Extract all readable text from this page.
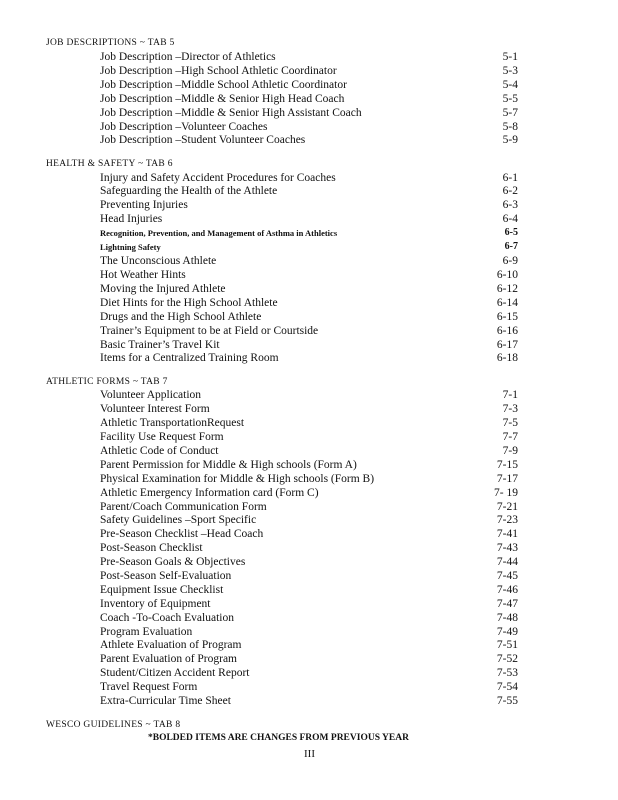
JOB DESCRIPTIONS ~ TAB 5
Job Description –Director of Athletics	5-1
Job Description –High School Athletic Coordinator	5-3
Job Description –Middle School Athletic Coordinator	5-4
Job Description –Middle & Senior High Head Coach	5-5
Job Description –Middle & Senior High Assistant Coach	5-7
Job Description –Volunteer Coaches	5-8
Job Description –Student Volunteer Coaches	5-9
HEALTH & SAFETY ~ TAB 6
Injury and Safety Accident Procedures for Coaches	6-1
Safeguarding the Health of the Athlete	6-2
Preventing Injuries	6-3
Head Injuries	6-4
Recognition, Prevention, and Management of Asthma in Athletics	6-5
Lightning Safety	6-7
The Unconscious Athlete	6-9
Hot Weather Hints	6-10
Moving the Injured Athlete	6-12
Diet Hints for the High School Athlete	6-14
Drugs and the High School Athlete	6-15
Trainer’s Equipment to be at Field or Courtside	6-16
Basic Trainer’s Travel Kit	6-17
Items for a Centralized Training Room	6-18
ATHLETIC FORMS ~ TAB 7
Volunteer Application	7-1
Volunteer Interest Form	7-3
Athletic TransportationRequest	7-5
Facility Use Request Form	7-7
Athletic Code of Conduct	7-9
Parent Permission for Middle & High schools (Form A)	7-15
Physical Examination for Middle & High schools (Form B)	7-17
Athletic Emergency Information card (Form C)	7- 19
Parent/Coach Communication Form	7-21
Safety Guidelines –Sport Specific	7-23
Pre-Season Checklist –Head Coach	7-41
Post-Season Checklist	7-43
Pre-Season Goals & Objectives	7-44
Post-Season Self-Evaluation	7-45
Equipment Issue Checklist	7-46
Inventory of Equipment	7-47
Coach -To-Coach Evaluation	7-48
Program Evaluation	7-49
Athlete Evaluation of Program	7-51
Parent Evaluation of Program	7-52
Student/Citizen Accident Report	7-53
Travel Request Form	7-54
Extra-Curricular Time Sheet	7-55
WESCO GUIDELINES ~ TAB 8
*BOLDED ITEMS ARE CHANGES FROM PREVIOUS YEAR
III
